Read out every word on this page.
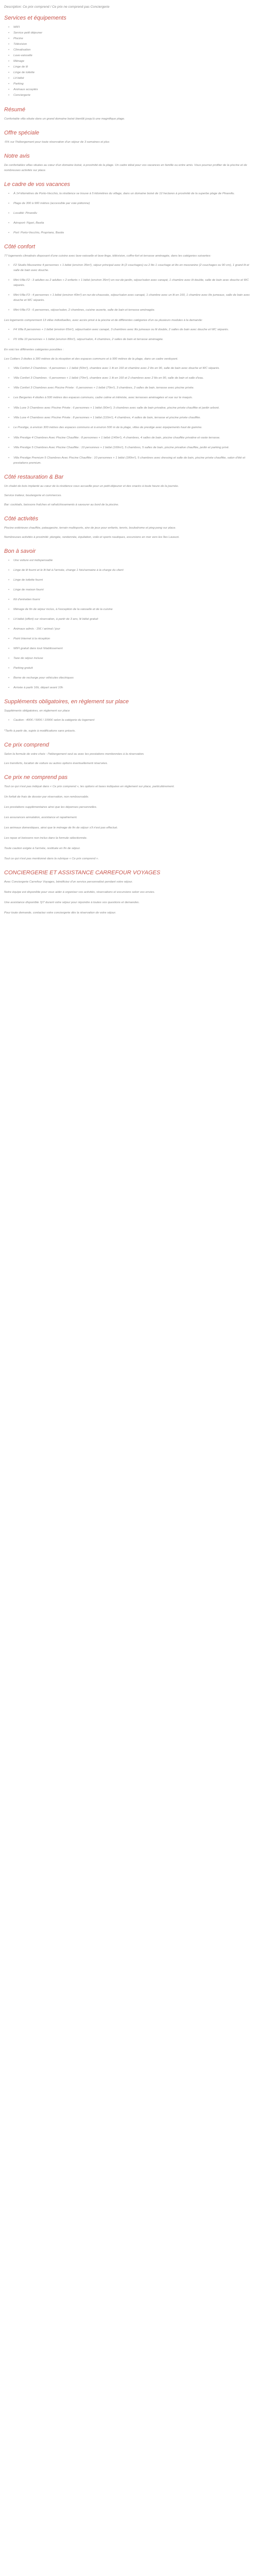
Description: Ce prix comprend / Ce prix ne comprend pas Conciergerie
Services et équipements
• WIFI
• Service petit déjeuner
• Piscine
• Télévision
• Climatisation
• Lave-vaisselle
• Ménage
• Linge de lit
• Linge de toilette
• Lit bébé
• Parking
• Animaux acceptés
• Conciergerie
Résumé

Confortable villa située dans un grand domaine boisé bientôt jusqu'à une magnifique plage.

Offre spéciale

-5% sur l'hébergement pour toute réservation d'un séjour de 3 semaines et plus

Notre avis

De confortables villas situées au cœur d'un domaine boisé, à proximité de la plage. Un cadre idéal pour vos vacances en famille ou entre amis. Vous pourrez profiter de la piscine et de nombreuses activités sur place.

Le cadre de vos vacances
• À 14 kilomètres de Porto-Vecchio, la résidence se trouve à 5 kilomètres du village, dans un domaine boisé de 12 hectares à proximité de la superbe plage de Pinarellu.
• Plage de 300 à 900 mètres (accessible par voie piétonne)
• Localité: Pinarellu
• Aéroport: Figari, Bastia
• Port: Porto-Vecchio, Propriano, Bastia
Côté confort

77 logements climatisés disposant d'une cuisine avec lave-vaisselle et lave-linge, télévision, coffre-fort et terrasse aménagée, dans les catégories suivantes:

• F2 Studio Mezzanine 4 personnes + 1 bébé (environ 35m²), séjour principal avec lit (2 couchages) ou 2 lits 1 couchage et lits en mezzanine (2 couchages ou 90 cm), 1 grand lit et salle de bain avec douche.
• Mini-Villa F2 - 3 adultes ou 2 adultes + 2 enfants + 1 bébé (environ 35m²) en rez-de-jardin, séjour/salon avec canapé, 1 chambre avec lit double, salle de bain avec douche et WC séparés.
• Mini-Villa F3 - 4 personnes + 1 bébé (environ 40m²) en rez-de-chaussée, séjour/salon avec canapé, 1 chambre avec un lit en 160, 1 chambre avec lits jumeaux, salle de bain avec douche et WC séparés.
• Mini-Villa F3 - 6 personnes, séjour/salon, 2 chambres, cuisine ouverte, salle de bain et terrasse aménagée.

Les logements comprennent 13 villas individuelles, avec accès privé à la piscine et de différentes catégories d'un ou plusieurs modules à la demande:

• F4 Villa 8 personnes + 1 bébé (environ 65m²), séjour/salon avec canapé, 3 chambres avec lits jumeaux ou lit double, 2 salles de bain avec douche et WC séparés.
• F5 Villa 10 personnes + 1 bébé (environ 80m²), séjour/salon, 4 chambres, 2 salles de bain et terrasse aménagée.

En voici les différentes catégories possibles :

Les Cottiers 3 étoiles à 300 mètres de la réception et des espaces communs et à 900 mètres de la plage, dans un cadre verdoyant.

• Villa Confort 2 Chambres : 4 personnes + 1 bébé (50m²), chambre avec 1 lit en 160 et chambre avec 2 lits en 90, salle de bain avec douche et WC séparés.
• Villa Confort 3 Chambres : 6 personnes + 1 bébé (70m²), chambre avec 1 lit en 160 et 2 chambres avec 2 lits en 90, salle de bain et salle d'eau.
• Villa Confort 3 Chambres avec Piscine Privée : 6 personnes + 1 bébé (70m²), 3 chambres, 2 salles de bain, terrasse avec piscine privée.
• Les Bergeries 4 étoiles à 500 mètres des espaces communs, cadre calme et intimiste, avec terrasses aménagées et vue sur le maquis.
• Villa Luxe 3 Chambres avec Piscine Privée : 6 personnes + 1 bébé (90m²), 3 chambres avec salle de bain privative, piscine privée chauffée et jardin arboré.
• Villa Luxe 4 Chambres avec Piscine Privée : 8 personnes + 1 bébé (110m²), 4 chambres, 4 salles de bain, terrasse et piscine privée chauffée.
• Le Prestige, à environ 300 mètres des espaces communs et à environ 500 m de la plage, villas de prestige avec équipements haut de gamme.
• Villa Prestige 4 Chambres Avec Piscine Chauffée : 8 personnes + 1 bébé (140m²), 4 chambres, 4 salles de bain, piscine chauffée privative et vaste terrasse.
• Villa Prestige 5 Chambres Avec Piscine Chauffée : 10 personnes + 1 bébé (160m²), 5 chambres, 5 salles de bain, piscine privative chauffée, jardin et parking privé.
• Villa Prestige Premium 5 Chambres Avec Piscine Chauffée : 10 personnes + 1 bébé (180m²), 5 chambres avec dressing et salle de bain, piscine privée chauffée, salon d'été et prestations premium.
Côté restauration & Bar

Un chalet de bois implanté au cœur de la résidence vous accueille pour un petit-déjeuner et des snacks à toute heure de la journée.

Service traiteur, boulangerie et commerces.

Bar: cocktails, boissons fraîches et rafraîchissements à savourer au bord de la piscine.

Côté activités

Piscine extérieure chauffée, pataugeoire, terrain multisports, aire de jeux pour enfants, tennis, boulodrome et ping-pong sur place.

Nombreuses activités à proximité: plongée, randonnée, équitation, voile et sports nautiques, excursions en mer vers les îles Lavezzi.

Bon à savoir
• Une voiture est indispensable
• Linge de lit fourni et le lit fait à l'arrivée, change 1 fois/semaine à la charge du client
• Linge de toilette fourni
• Linge de maison fourni
• Kit d'entretien fourni
• Ménage de fin de séjour inclus, à l'exception de la vaisselle et de la cuisine
• Lit bébé (offert) sur réservation, à partir de 3 ans, lit bébé gratuit
• Animaux admis : 15€ / animal / jour
• Point Internet à la réception
• WIFI gratuit dans tout l'établissement
• Taxe de séjour incluse
• Parking gratuit
• Borne de recharge pour véhicules électriques
• Arrivée à partir 16h, départ avant 10h
Suppléments obligatoires, en règlement sur place

Suppléments obligatoires, en règlement sur place

• Caution : 400€ / 500€ / 1000€ selon la catégorie du logement

*Tarifs à partir de, sujets à modifications sans préavis.

Ce prix comprend

Selon la formule de votre choix : l'hébergement seul ou avec les prestations mentionnées à la réservation.

Les transferts, location de voiture ou autres options éventuellement réservées.

Ce prix ne comprend pas

Tout ce qui n'est pas indiqué dans « Ce prix comprend », les options et taxes indiquées en règlement sur place, particulièrement.

Un forfait de frais de dossier par réservation, non remboursable.

Les prestations supplémentaires ainsi que les dépenses personnelles.

Les assurances annulation, assistance et rapatriement.

Les animaux domestiques, ainsi que le ménage de fin de séjour s'il n'est pas effectué.

Les repas et boissons non inclus dans la formule sélectionnée.

Toute caution exigée à l'arrivée, restituée en fin de séjour.

Tout ce qui n'est pas mentionné dans la rubrique « Ce prix comprend ».

CONCIERGERIE ET ASSISTANCE CARREFOUR VOYAGES

Avec Conciergerie Carrefour Voyages, bénéficiez d'un service personnalisé pendant votre séjour.

Notre équipe est disponible pour vous aider à organiser vos activités, réservations et excursions selon vos envies.

Une assistance disponible 7j/7 durant votre séjour pour répondre à toutes vos questions et demandes.

Pour toute demande, contactez votre conciergerie dès la réservation de votre séjour.
